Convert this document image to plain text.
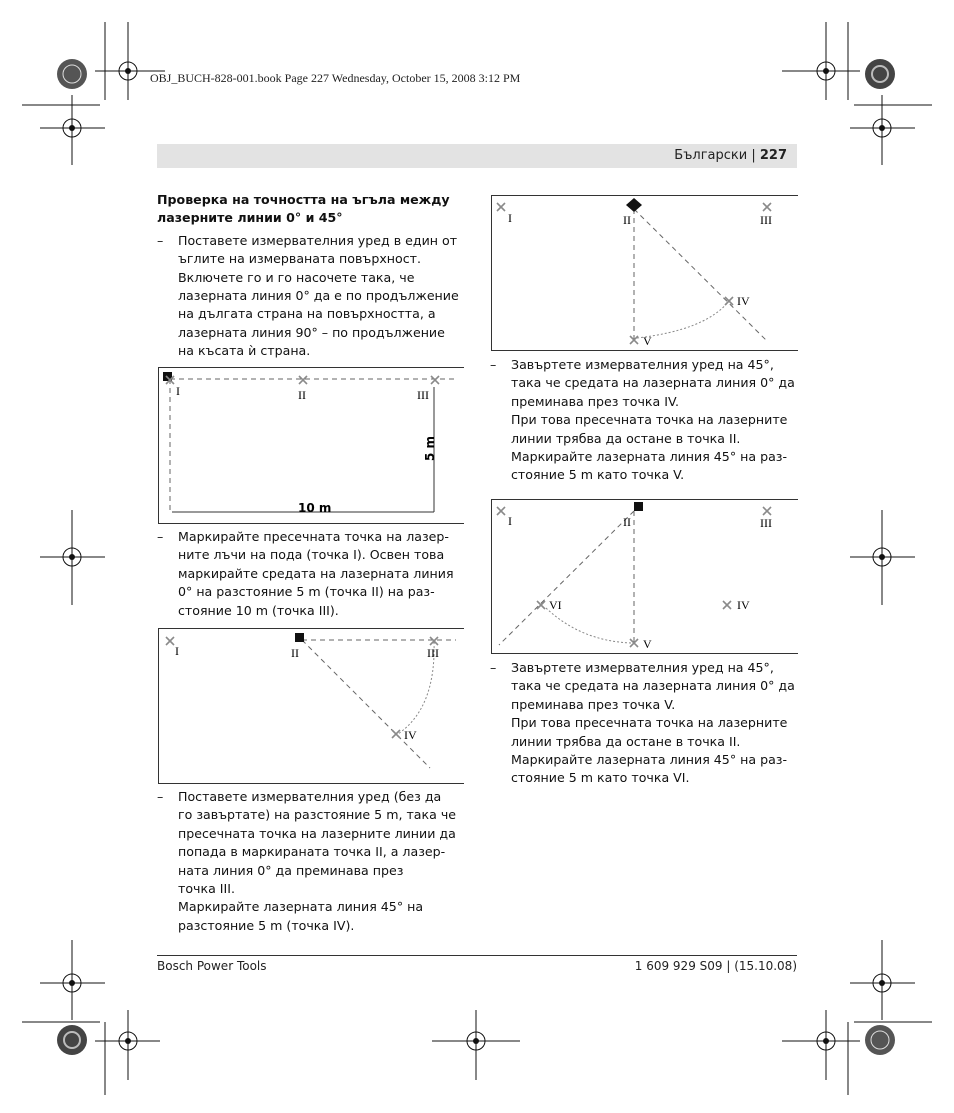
OBJ_BUCH-828-001.book Page 227 Wednesday, October 15, 2008 3:12 PM
Български | 227
Проверка на точността на ъгъла между
лазерните линии 0° и 45°
– Поставете измервателния уред в един от
ъглите на измерваната повърхност.
Включете го и го насочете така, че
лазерната линия 0° да е по продължение
на дългата страна на повърхността, а
лазерната линия 90° – по продължение
на късата ѝ страна.
I	II	III
5 m
10 m
– Маркирайте пресечната точка на лазер-
ните лъчи на пода (точка I). Освен това
маркирайте средата на лазерната линия
0° на разстояние 5 m (точка II) на раз-
стояние 10 m (точка III).
I	II	III
IV
– Поставете измервателния уред (без да
го завъртате) на разстояние 5 m, така че
пресечната точка на лазерните линии да
попада в маркираната точка II, а лазер-
ната линия 0° да преминава през
точка III.
Маркирайте лазерната линия 45° на
разстояние 5 m (точка IV).
I	II	III
IV
V
– Завъртете измервателния уред на 45°,
така че средата на лазерната линия 0° да
преминава през точка IV.
При това пресечната точка на лазерните
линии трябва да остане в точка II.
Маркирайте лазерната линия 45° на раз-
стояние 5 m като точка V.
I	II	III
IV
VI
V
– Завъртете измервателния уред на 45°,
така че средата на лазерната линия 0° да
преминава през точка V.
При това пресечната точка на лазерните
линии трябва да остане в точка II.
Маркирайте лазерната линия 45° на раз-
стояние 5 m като точка VI.
Bosch Power Tools	1 609 929 S09 | (15.10.08)
